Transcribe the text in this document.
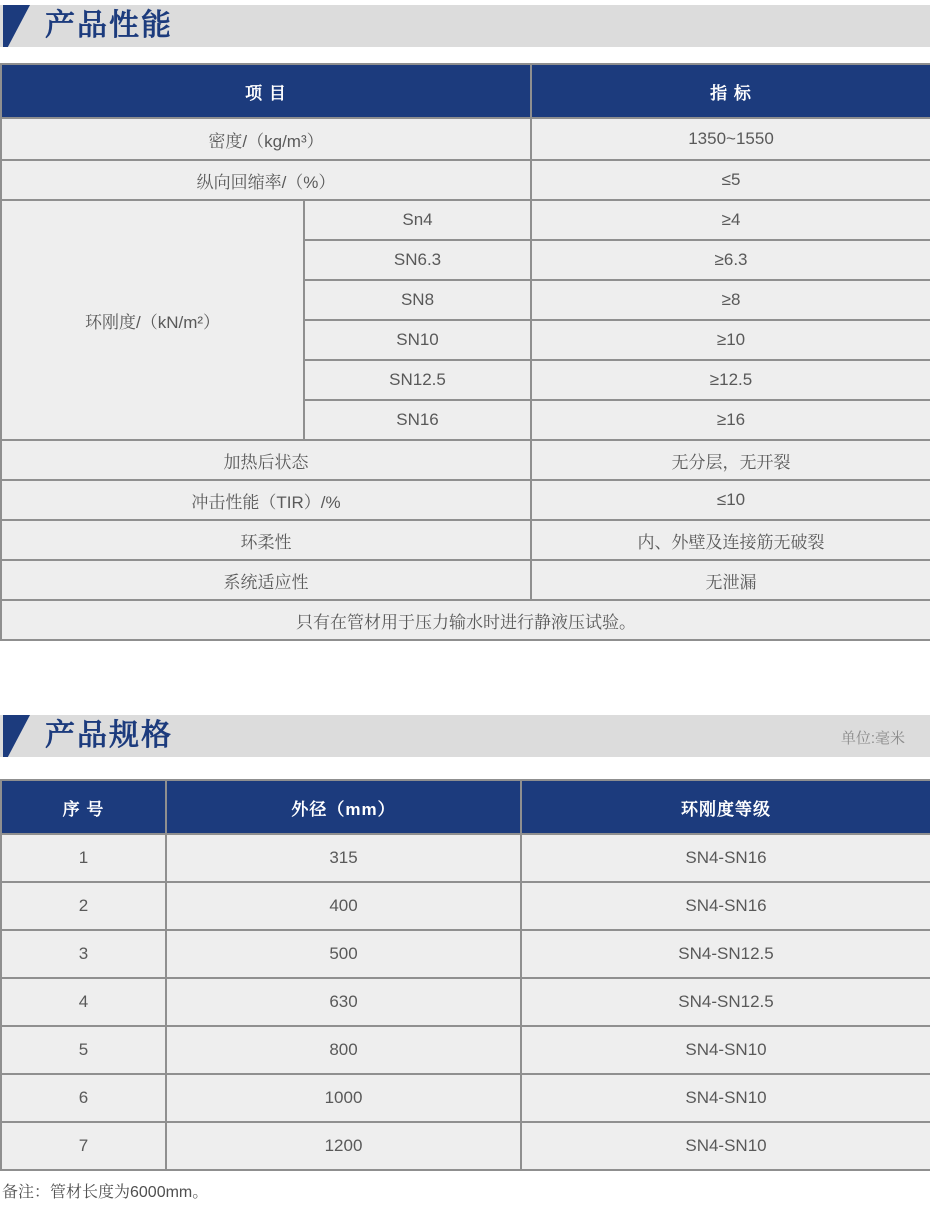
产品性能
项 目		指 标
密度/（kg/m³）		1350~1550
纵向回缩率/（%）		≤5
环刚度/（kN/m²）	Sn4	≥4
	SN6.3	≥6.3
	SN8	≥8
	SN10	≥10
	SN12.5	≥12.5
	SN16	≥16
加热后状态		无分层，无开裂
冲击性能（TIR）/%		≤10
环柔性		内、外壁及连接筋无破裂
系统适应性		无泄漏
只有在管材用于压力输水时进行静液压试验。		
产品规格	单位:毫米
序 号	外径（mm）	环刚度等级
1	315	SN4-SN16
2	400	SN4-SN16
3	500	SN4-SN12.5
4	630	SN4-SN12.5
5	800	SN4-SN10
6	1000	SN4-SN10
7	1200	SN4-SN10
备注：管材长度为6000mm。
